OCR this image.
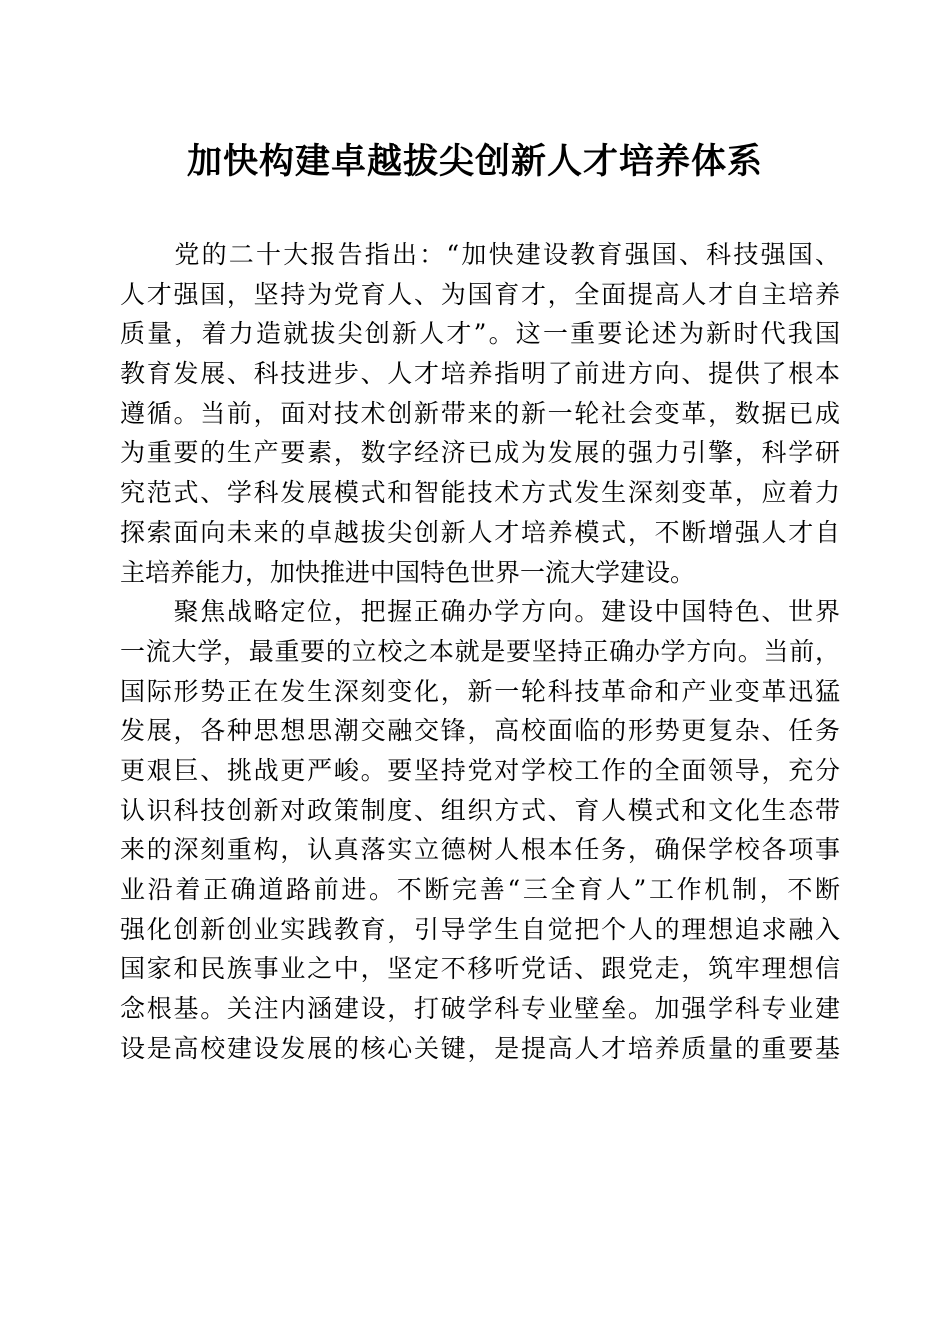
加快构建卓越拔尖创新人才培养体系
　　党的二十大报告指出：“加快建设教育强国、科技强国、
人才强国，坚持为党育人、为国育才，全面提高人才自主培养
质量，着力造就拔尖创新人才”。这一重要论述为新时代我国
教育发展、科技进步、人才培养指明了前进方向、提供了根本
遵循。当前，面对技术创新带来的新一轮社会变革，数据已成
为重要的生产要素，数字经济已成为发展的强力引擎，科学研
究范式、学科发展模式和智能技术方式发生深刻变革，应着力
探索面向未来的卓越拔尖创新人才培养模式，不断增强人才自
主培养能力，加快推进中国特色世界一流大学建设。
　　聚焦战略定位，把握正确办学方向。建设中国特色、世界
一流大学，最重要的立校之本就是要坚持正确办学方向。当前，
国际形势正在发生深刻变化，新一轮科技革命和产业变革迅猛
发展，各种思想思潮交融交锋，高校面临的形势更复杂、任务
更艰巨、挑战更严峻。要坚持党对学校工作的全面领导，充分
认识科技创新对政策制度、组织方式、育人模式和文化生态带
来的深刻重构，认真落实立德树人根本任务，确保学校各项事
业沿着正确道路前进。不断完善“三全育人”工作机制，不断
强化创新创业实践教育，引导学生自觉把个人的理想追求融入
国家和民族事业之中，坚定不移听党话、跟党走，筑牢理想信
念根基。关注内涵建设，打破学科专业壁垒。加强学科专业建
设是高校建设发展的核心关键，是提高人才培养质量的重要基
